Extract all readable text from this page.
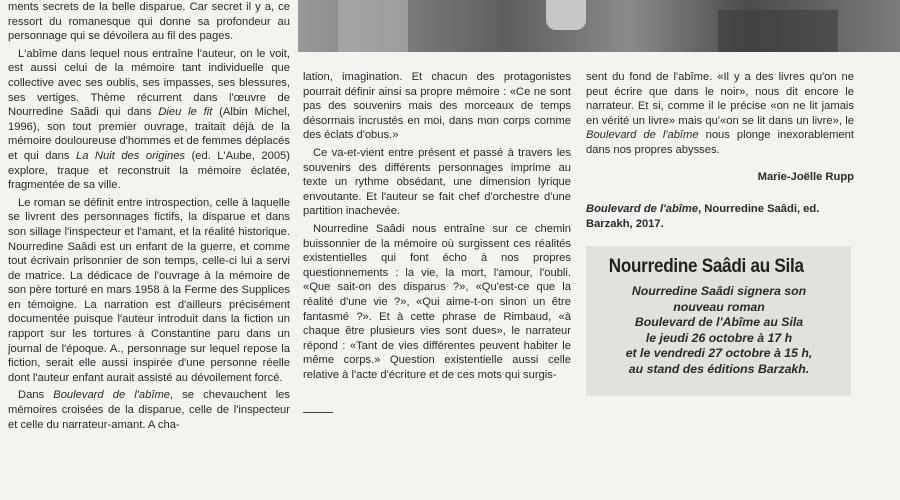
ments secrets de la belle disparue. Car secret il y a, ce ressort du romanesque qui donne sa profondeur au personnage qui se dévoilera au fil des pages.

L'abîme dans lequel nous entraîne l'auteur, on le voit, est aussi celui de la mémoire tant individuelle que collective avec ses oublis, ses impasses, ses blessures, ses vertiges. Thème récurrent dans l'œuvre de Nourredine Saâdi qui dans Dieu le fit (Albin Michel, 1996), son tout premier ouvrage, traitait déjà de la mémoire douloureuse d'hommes et de femmes déplacés et qui dans La Nuit des origines (ed. L'Aube, 2005) explore, traque et reconstruit la mémoire éclatée, fragmentée de sa ville.

Le roman se définit entre introspection, celle à laquelle se livrent des personnages fictifs, la disparue et dans son sillage l'inspecteur et l'amant, et la réalité historique. Nourredine Saâdi est un enfant de la guerre, et comme tout écrivain prisonnier de son temps, celle-ci lui a servi de matrice. La dédicace de l'ouvrage à la mémoire de son père torturé en mars 1958 à la Ferme des Supplices en témoigne. La narration est d'ailleurs précisément documentée puisque l'auteur introduit dans la fiction un rapport sur les tortures à Constantine paru dans un journal de l'époque. A., personnage sur lequel repose la fiction, serait elle aussi inspirée d'une personne réelle dont l'auteur enfant aurait assisté au dévoilement forcé.

Dans Boulevard de l'abîme, se chevauchent les mémoires croisées de la disparue, celle de l'inspecteur et celle du narrateur-amant. A cha-

lation, imagination. Et chacun des protagonistes pourrait définir ainsi sa propre mémoire : «Ce ne sont pas des souvenirs mais des morceaux de temps désormais incrustés en moi, dans mon corps comme des éclats d'obus.»

Ce va-et-vient entre présent et passé à travers les souvenirs des différents personnages imprime au texte un rythme obsédant, une dimension lyrique envoutante. Et l'auteur se fait chef d'orchestre d'une partition inachevée.

Nourredine Saâdi nous entraîne sur ce chemin buissonnier de la mémoire où surgissent ces réalités existentielles qui font écho à nos propres questionnements : la vie, la mort, l'amour, l'oubli. «Que sait-on des disparus ?», «Qu'est-ce que la réalité d'une vie ?», «Qui aime-t-on sinon un être fantasmé ?». Et à cette phrase de Rimbaud, «à chaque être plusieurs vies sont dues», le narrateur répond : «Tant de vies différentes peuvent habiter le même corps.» Question existentielle aussi celle relative à l'acte d'écriture et de ces mots qui surgis-

sent du fond de l'abîme. «Il y a des livres qu'on ne peut écrire que dans le noir», nous dit encore le narrateur. Et si, comme il le précise «on ne lit jamais en vérité un livre» mais qu'«on se lit dans un livre», le Boulevard de l'abîme nous plonge inexorablement dans nos propres abysses.

Marie-Joëlle Rupp
Boulevard de l'abîme, Nourredine Saâdi, ed. Barzakh, 2017.
Nourredine Saâdi au Sila
Nourredine Saâdi signera son
nouveau roman
Boulevard de l'Abîme au Sila
le jeudi 26 octobre à 17 h
et le vendredi 27 octobre à 15 h,
au stand des éditions Barzakh.
